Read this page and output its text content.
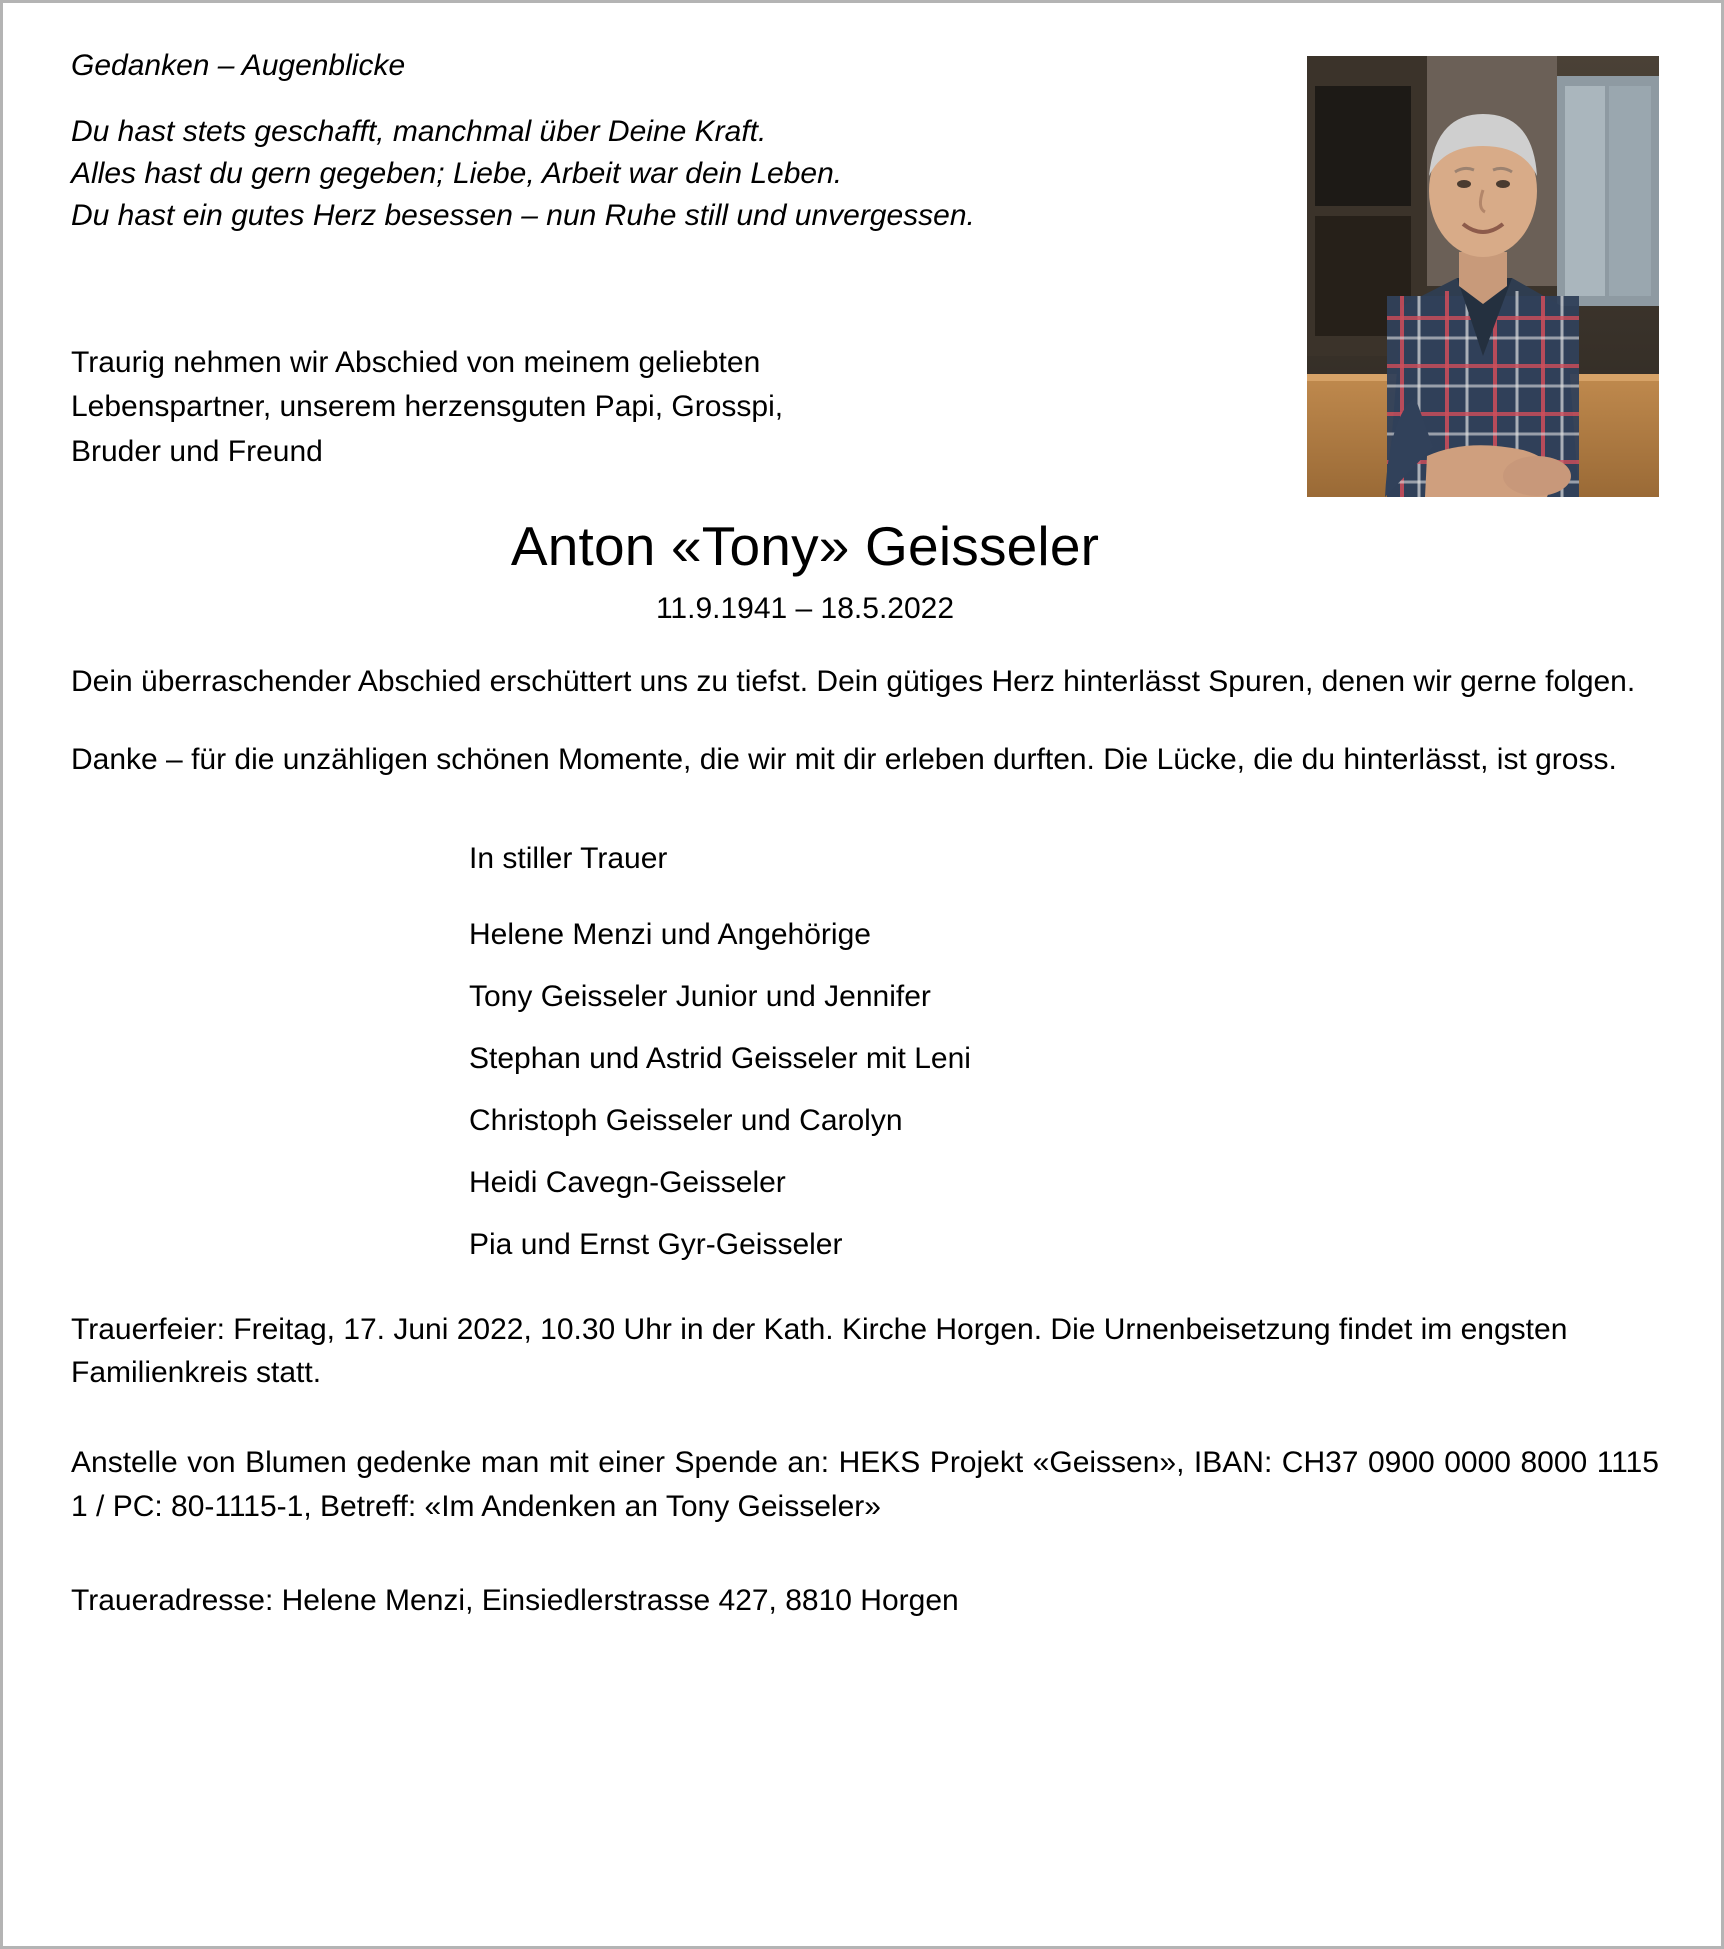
Gedanken – Augenblicke
Du hast stets geschafft, manchmal über Deine Kraft.
Alles hast du gern gegeben; Liebe, Arbeit war dein Leben.
Du hast ein gutes Herz besessen – nun Ruhe still und unvergessen.
Traurig nehmen wir Abschied von meinem geliebten
Lebenspartner, unserem herzensguten Papi, Grosspi,
Bruder und Freund
Anton «Tony» Geisseler
11.9.1941 – 18.5.2022
Dein überraschender Abschied erschüttert uns zu tiefst. Dein gütiges Herz hinterlässt Spuren, denen wir gerne folgen.
Danke – für die unzähligen schönen Momente, die wir mit dir erleben durften. Die Lücke, die du hinterlässt, ist gross.
In stiller Trauer
Helene Menzi und Angehörige
Tony Geisseler Junior und Jennifer
Stephan und Astrid Geisseler mit Leni
Christoph Geisseler und Carolyn
Heidi Cavegn-Geisseler
Pia und Ernst Gyr-Geisseler
Trauerfeier: Freitag, 17. Juni 2022, 10.30 Uhr in der Kath. Kirche Horgen. Die Urnenbeisetzung findet im engsten Familienkreis statt.
Anstelle von Blumen gedenke man mit einer Spende an: HEKS Projekt «Geissen», IBAN: CH37 0900 0000 8000 1115 1 / PC: 80-1115-1, Betreff: «Im Andenken an Tony Geisseler»
Traueradresse: Helene Menzi, Einsiedlerstrasse 427, 8810 Horgen
